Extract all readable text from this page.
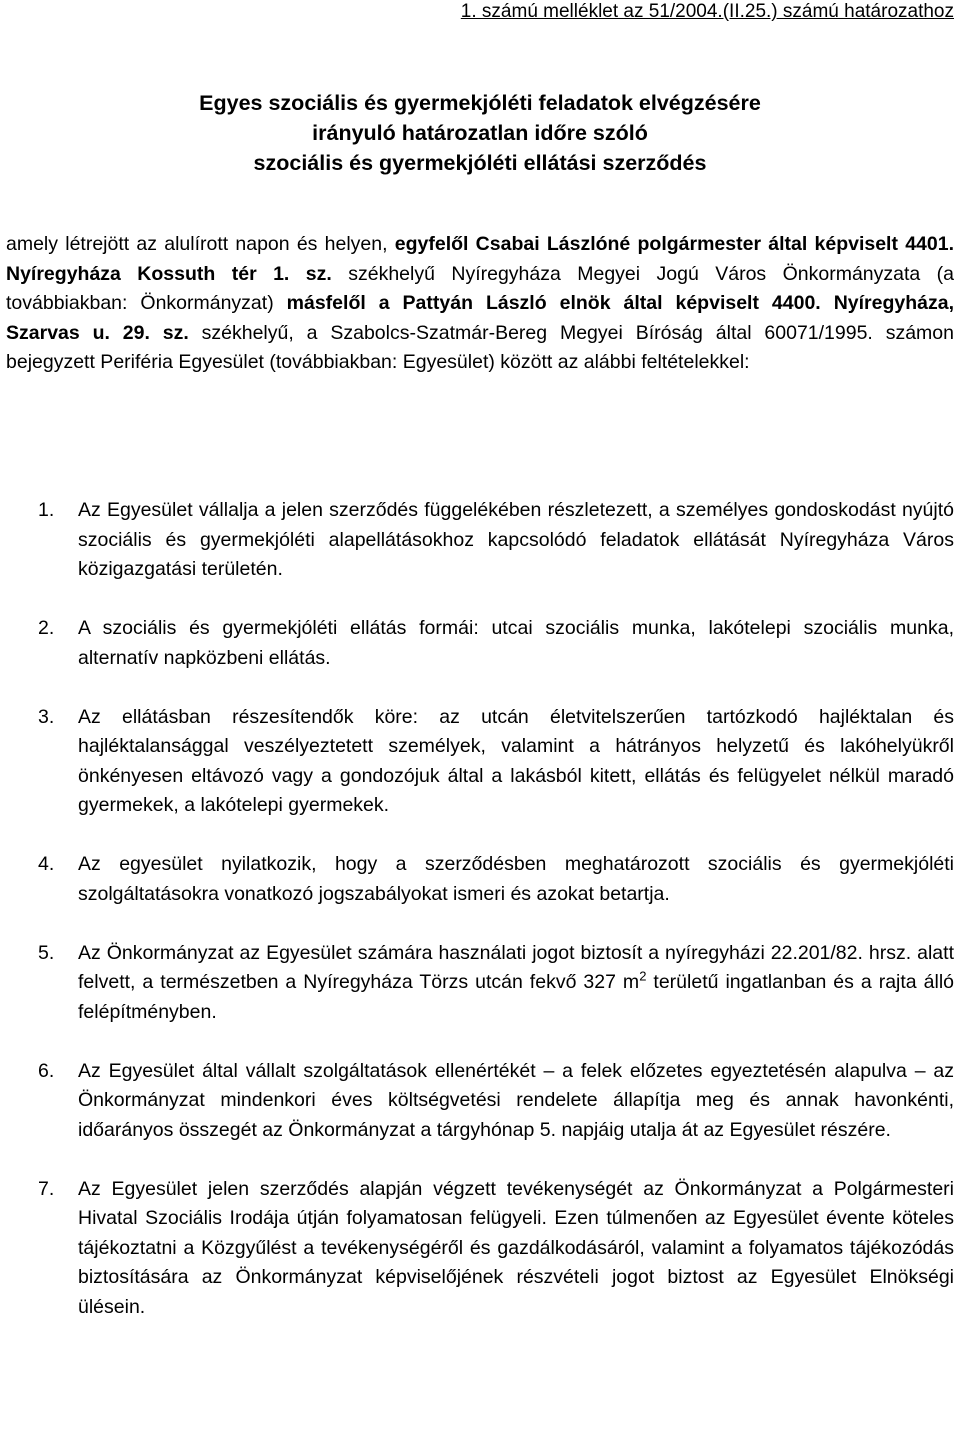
1. számú melléklet az 51/2004.(II.25.) számú határozathoz
Egyes szociális és gyermekjóléti feladatok elvégzésére
irányuló határozatlan időre szóló
szociális és gyermekjóléti ellátási szerződés
amely létrejött az alulírott napon és helyen, egyfelől Csabai Lászlóné polgármester által képviselt 4401. Nyíregyháza Kossuth tér 1. sz. székhelyű Nyíregyháza Megyei Jogú Város Önkormányzata (a továbbiakban: Önkormányzat) másfelől a Pattyán László elnök által képviselt 4400. Nyíregyháza, Szarvas u. 29. sz. székhelyű, a Szabolcs-Szatmár-Bereg Megyei Bíróság által 60071/1995. számon bejegyzett Periféria Egyesület (továbbiakban: Egyesület) között az alábbi feltételekkel:
1. Az Egyesület vállalja a jelen szerződés függelékében részletezett, a személyes gondoskodást nyújtó szociális és gyermekjóléti alapellátásokhoz kapcsolódó feladatok ellátását Nyíregyháza Város közigazgatási területén.
2. A szociális és gyermekjóléti ellátás formái: utcai szociális munka, lakótelepi szociális munka, alternatív napközbeni ellátás.
3. Az ellátásban részesítendők köre: az utcán életvitelszerűen tartózkodó hajléktalan és hajléktalansággal veszélyeztetett személyek, valamint a hátrányos helyzetű és lakóhelyükről önkényesen eltávozó vagy a gondozójuk által a lakásból kitett, ellátás és felügyelet nélkül maradó gyermekek, a lakótelepi gyermekek.
4. Az egyesület nyilatkozik, hogy a szerződésben meghatározott szociális és gyermekjóléti szolgáltatásokra vonatkozó jogszabályokat ismeri és azokat betartja.
5. Az Önkormányzat az Egyesület számára használati jogot biztosít a nyíregyházi 22.201/82. hrsz. alatt felvett, a természetben a Nyíregyháza Törzs utcán fekvő 327 $m^2$ területű ingatlanban és a rajta álló felépítményben.
6. Az Egyesület által vállalt szolgáltatások ellenértékét – a felek előzetes egyeztetésén alapulva – az Önkormányzat mindenkori éves költségvetési rendelete állapítja meg és annak havonkénti, időarányos összegét az Önkormányzat a tárgyhónap 5. napjáig utalja át az Egyesület részére.
7. Az Egyesület jelen szerződés alapján végzett tevékenységét az Önkormányzat a Polgármesteri Hivatal Szociális Irodája útján folyamatosan felügyeli. Ezen túlmenően az Egyesület évente köteles tájékoztatni a Közgyűlést a tevékenységéről és gazdálkodásáról, valamint a folyamatos tájékozódás biztosítására az Önkormányzat képviselőjének részvételi jogot biztost az Egyesület Elnökségi ülésein.
